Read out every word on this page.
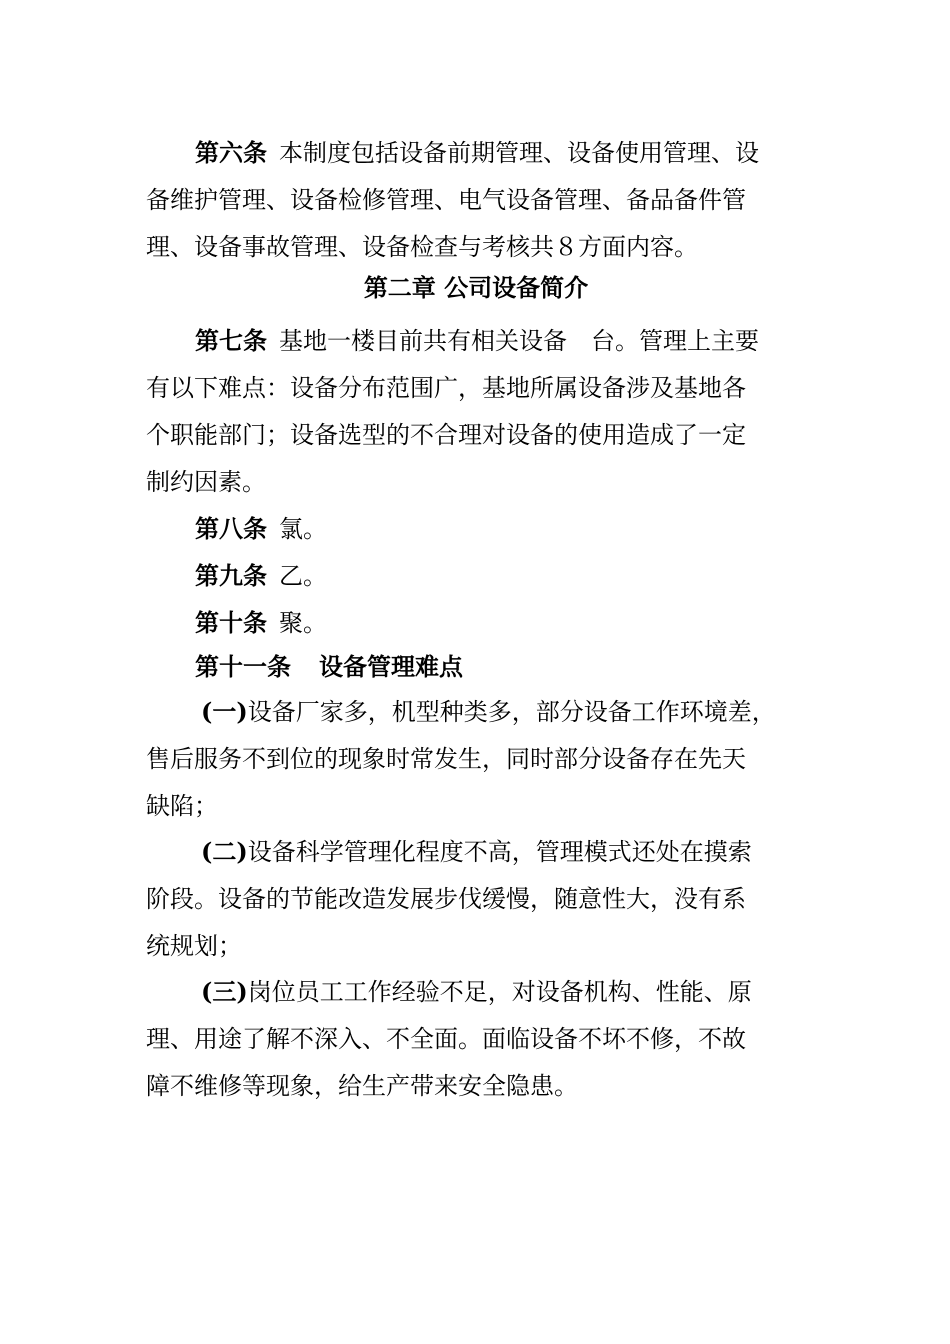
第六条 本制度包括设备前期管理、设备使用管理、设
备维护管理、设备检修管理、电气设备管理、备品备件管
理、设备事故管理、设备检查与考核共８方面内容。
第二章 公司设备简介
第七条 基地一楼目前共有相关设备　台。管理上主要
有以下难点：设备分布范围广，基地所属设备涉及基地各
个职能部门；设备选型的不合理对设备的使用造成了一定
制约因素。
第八条 氯。
第九条 乙。
第十条 聚。
第十一条 设备管理难点
(一)设备厂家多，机型种类多，部分设备工作环境差，
售后服务不到位的现象时常发生，同时部分设备存在先天
缺陷；
(二)设备科学管理化程度不高，管理模式还处在摸索
阶段。设备的节能改造发展步伐缓慢，随意性大，没有系
统规划；
(三)岗位员工工作经验不足，对设备机构、性能、原
理、用途了解不深入、不全面。面临设备不坏不修，不故
障不维修等现象，给生产带来安全隐患。
